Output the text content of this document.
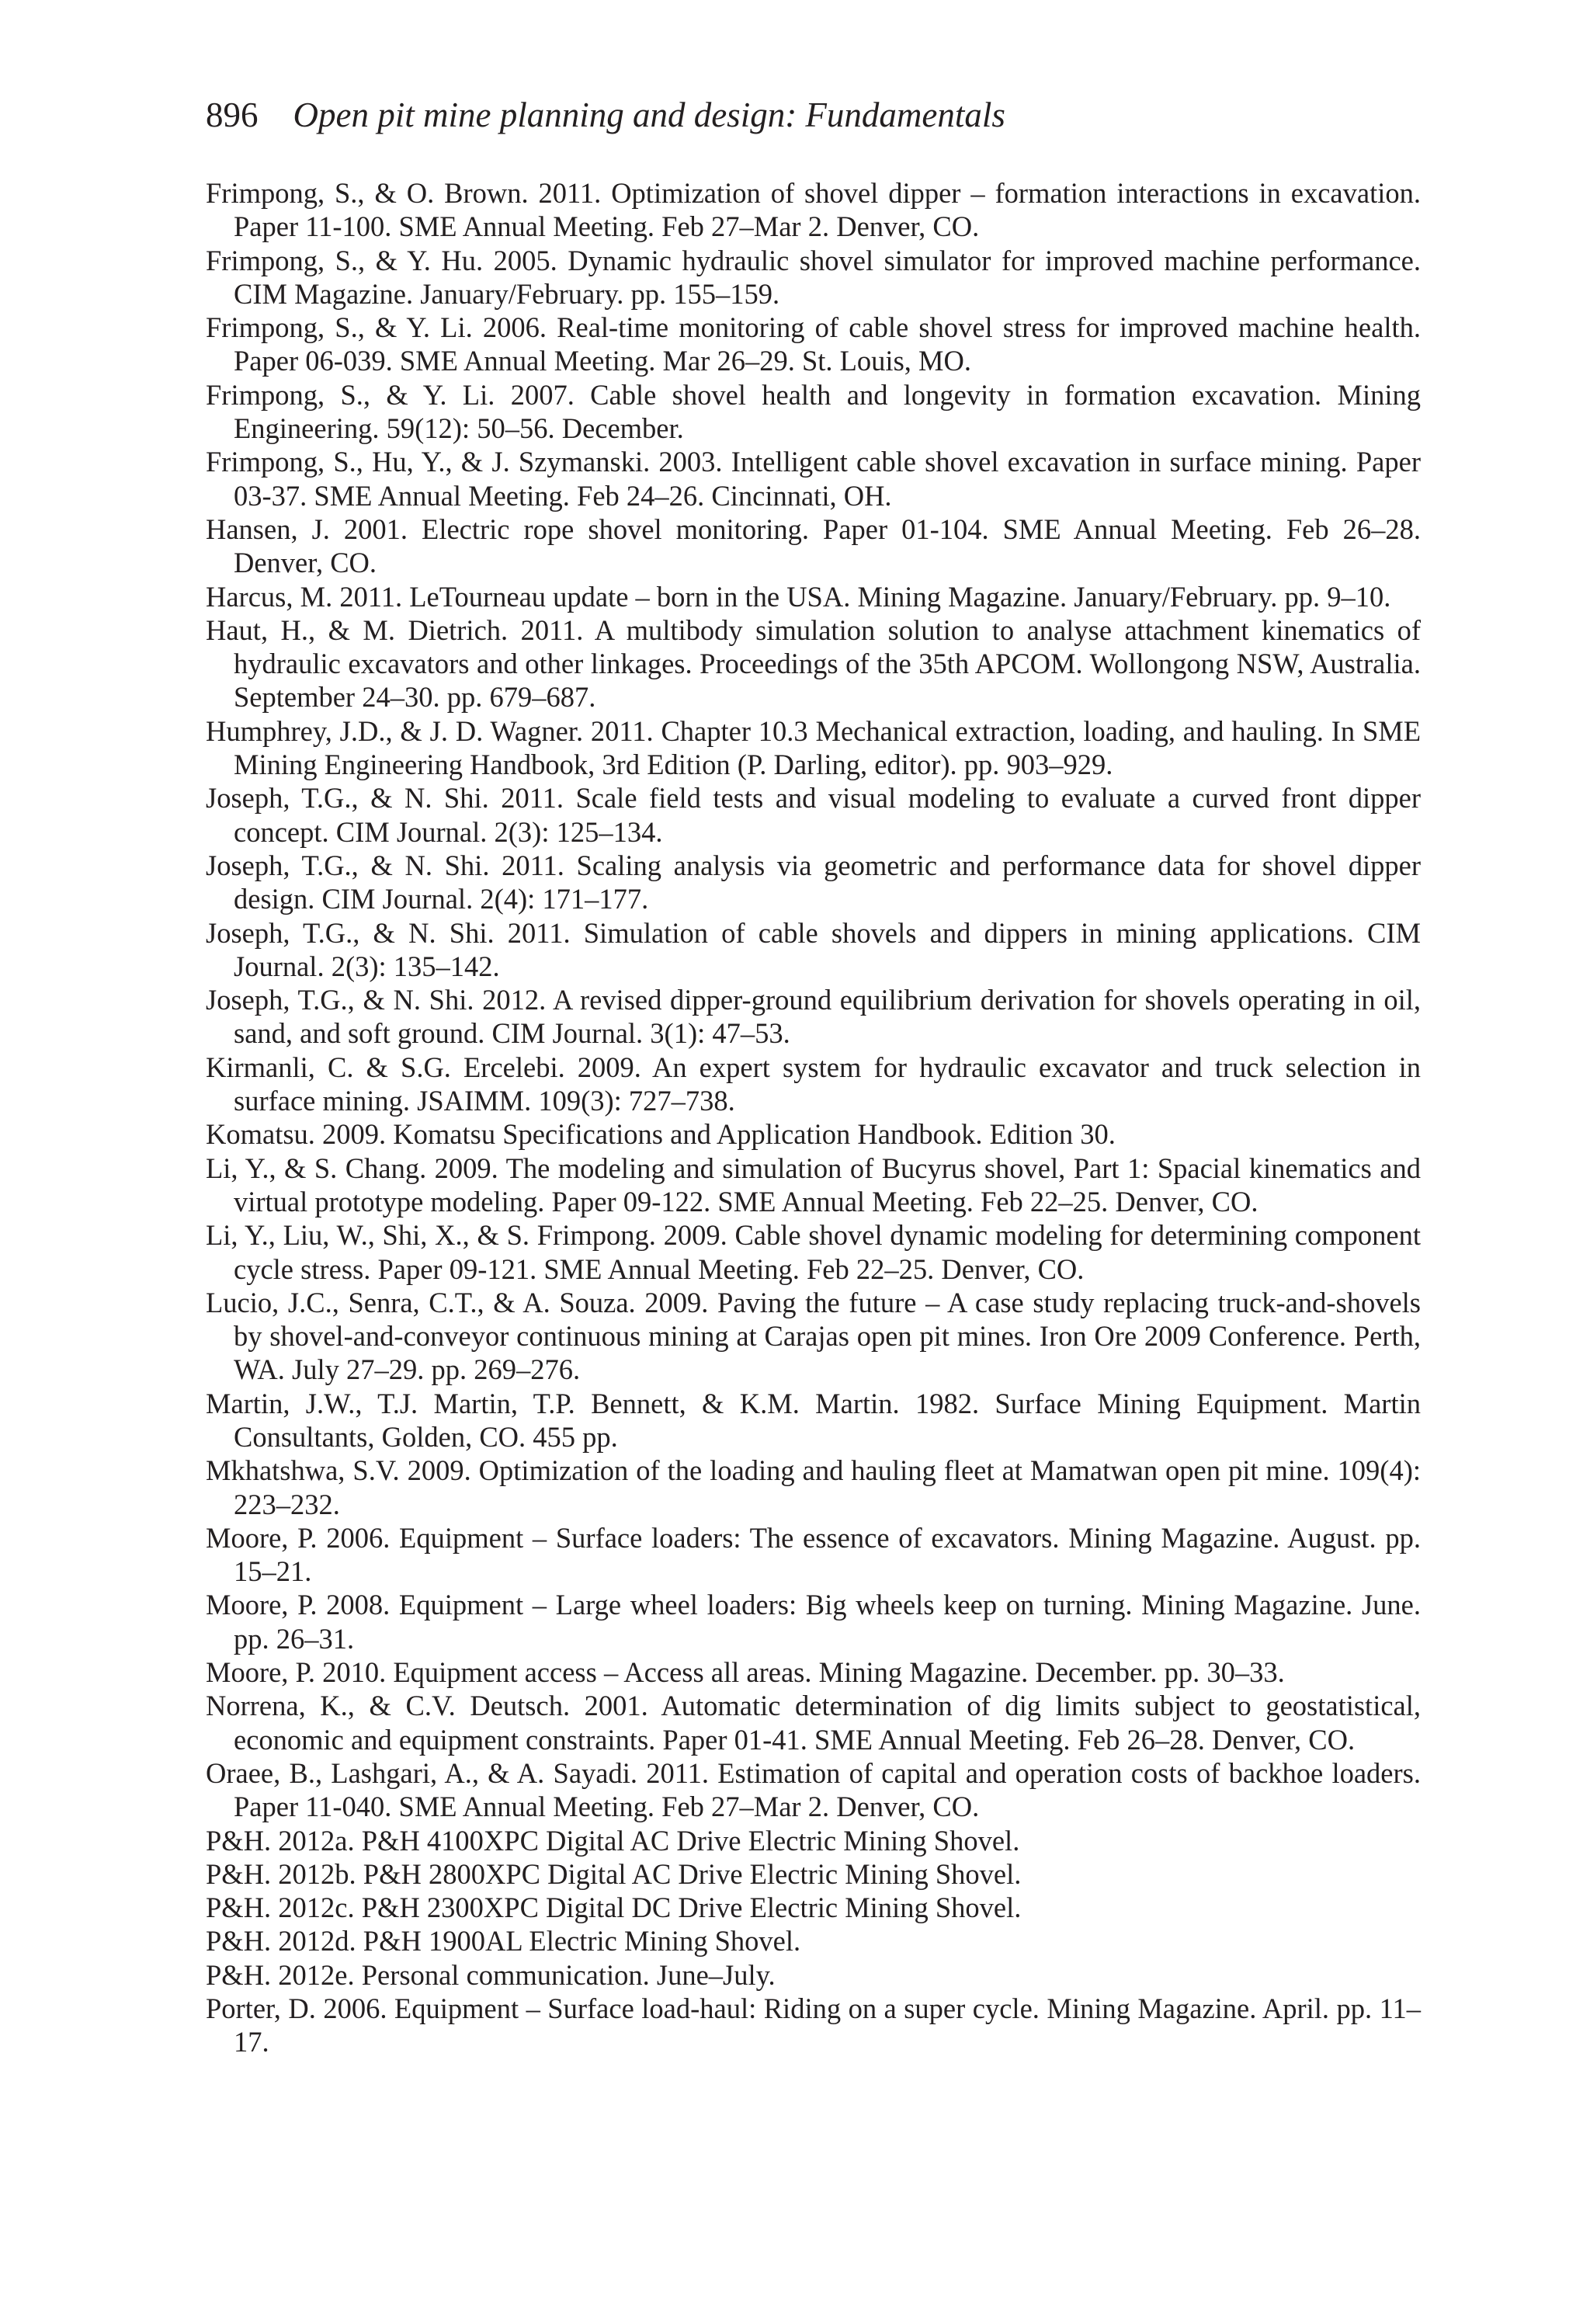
896 Open pit mine planning and design: Fundamentals

Frimpong, S., & O. Brown. 2011. Optimization of shovel dipper – formation interactions in excavation. Paper 11-100. SME Annual Meeting. Feb 27–Mar 2. Denver, CO.

Frimpong, S., & Y. Hu. 2005. Dynamic hydraulic shovel simulator for improved machine performance. CIM Magazine. January/February. pp. 155–159.

Frimpong, S., & Y. Li. 2006. Real-time monitoring of cable shovel stress for improved machine health. Paper 06-039. SME Annual Meeting. Mar 26–29. St. Louis, MO.

Frimpong, S., & Y. Li. 2007. Cable shovel health and longevity in formation excavation. Mining Engineering. 59(12): 50–56. December.

Frimpong, S., Hu, Y., & J. Szymanski. 2003. Intelligent cable shovel excavation in surface mining. Paper 03-37. SME Annual Meeting. Feb 24–26. Cincinnati, OH.

Hansen, J. 2001. Electric rope shovel monitoring. Paper 01-104. SME Annual Meeting. Feb 26–28. Denver, CO.

Harcus, M. 2011. LeTourneau update – born in the USA. Mining Magazine. January/February. pp. 9–10.

Haut, H., & M. Dietrich. 2011. A multibody simulation solution to analyse attachment kinematics of hydraulic excavators and other linkages. Proceedings of the 35th APCOM. Wollongong NSW, Australia. September 24–30. pp. 679–687.

Humphrey, J.D., & J. D. Wagner. 2011. Chapter 10.3 Mechanical extraction, loading, and hauling. In SME Mining Engineering Handbook, 3rd Edition (P. Darling, editor). pp. 903–929.

Joseph, T.G., & N. Shi. 2011. Scale field tests and visual modeling to evaluate a curved front dipper concept. CIM Journal. 2(3): 125–134.

Joseph, T.G., & N. Shi. 2011. Scaling analysis via geometric and performance data for shovel dipper design. CIM Journal. 2(4): 171–177.

Joseph, T.G., & N. Shi. 2011. Simulation of cable shovels and dippers in mining applications. CIM Journal. 2(3): 135–142.

Joseph, T.G., & N. Shi. 2012. A revised dipper-ground equilibrium derivation for shovels operating in oil, sand, and soft ground. CIM Journal. 3(1): 47–53.

Kirmanli, C. & S.G. Ercelebi. 2009. An expert system for hydraulic excavator and truck selection in surface mining. JSAIMM. 109(3): 727–738.

Komatsu. 2009. Komatsu Specifications and Application Handbook. Edition 30.

Li, Y., & S. Chang. 2009. The modeling and simulation of Bucyrus shovel, Part 1: Spacial kinematics and virtual prototype modeling. Paper 09-122. SME Annual Meeting. Feb 22–25. Denver, CO.

Li, Y., Liu, W., Shi, X., & S. Frimpong. 2009. Cable shovel dynamic modeling for determining component cycle stress. Paper 09-121. SME Annual Meeting. Feb 22–25. Denver, CO.

Lucio, J.C., Senra, C.T., & A. Souza. 2009. Paving the future – A case study replacing truck-and-shovels by shovel-and-conveyor continuous mining at Carajas open pit mines. Iron Ore 2009 Conference. Perth, WA. July 27–29. pp. 269–276.

Martin, J.W., T.J. Martin, T.P. Bennett, & K.M. Martin. 1982. Surface Mining Equipment. Martin Consultants, Golden, CO. 455 pp.

Mkhatshwa, S.V. 2009. Optimization of the loading and hauling fleet at Mamatwan open pit mine. 109(4): 223–232.

Moore, P. 2006. Equipment – Surface loaders: The essence of excavators. Mining Magazine. August. pp. 15–21.

Moore, P. 2008. Equipment – Large wheel loaders: Big wheels keep on turning. Mining Magazine. June. pp. 26–31.

Moore, P. 2010. Equipment access – Access all areas. Mining Magazine. December. pp. 30–33.

Norrena, K., & C.V. Deutsch. 2001. Automatic determination of dig limits subject to geostatistical, economic and equipment constraints. Paper 01-41. SME Annual Meeting. Feb 26–28. Denver, CO.

Oraee, B., Lashgari, A., & A. Sayadi. 2011. Estimation of capital and operation costs of backhoe loaders. Paper 11-040. SME Annual Meeting. Feb 27–Mar 2. Denver, CO.

P&H. 2012a. P&H 4100XPC Digital AC Drive Electric Mining Shovel.

P&H. 2012b. P&H 2800XPC Digital AC Drive Electric Mining Shovel.

P&H. 2012c. P&H 2300XPC Digital DC Drive Electric Mining Shovel.

P&H. 2012d. P&H 1900AL Electric Mining Shovel.

P&H. 2012e. Personal communication. June–July.

Porter, D. 2006. Equipment – Surface load-haul: Riding on a super cycle. Mining Magazine. April. pp. 11–17.
